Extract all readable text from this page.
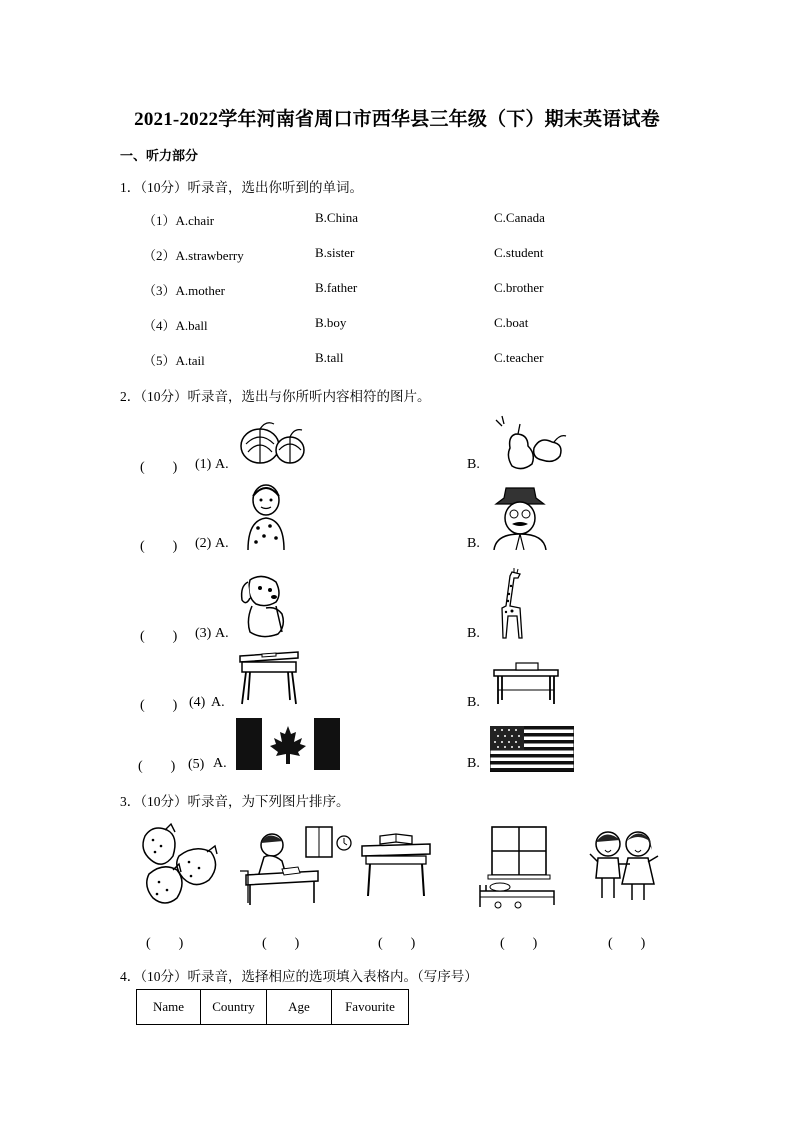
2021-2022学年河南省周口市西华县三年级（下）期末英语试卷
一、听力部分
1．（10分）听录音，选出你听到的单词。
（1）A.chair	B.China	C.Canada
（2）A.strawberry	B.sister	C.student
（3）A.mother	B.father	C.brother
（4）A.ball	B.boy	C.boat
（5）A.tail	B.tall	C.teacher
2．（10分）听录音，选出与你所听内容相符的图片。
(　　) (1) A.	B.
(　　) (2) A.	B.
(　　) (3) A.	B.
(　　) (4) A.	B.
(　　) (5) A.	B.
3．（10分）听录音，为下列图片排序。
(　　)	(　　)	(　　)	(　　)	(　　)
4．（10分）听录音，选择相应的选项填入表格内。（写序号）
Name	Country	Age	Favourite
